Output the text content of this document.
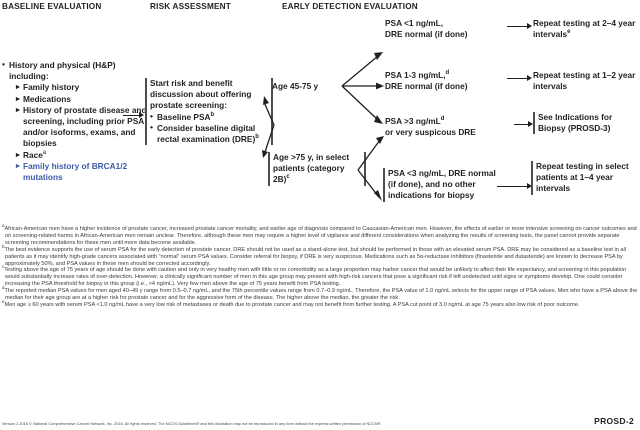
BASELINE EVALUATION	RISK ASSESSMENT	EARLY DETECTION EVALUATION
• History and physical (H&P) including:
▸ Family history
▸ Medications
▸ History of prostate disease and screening, including prior PSA and/or isoforms, exams, and biopsies
▸ Race$^a$
▸ Family history of BRCA1/2 mutations
Start risk and benefit discussion about offering prostate screening:
• Baseline PSA$^b$
• Consider baseline digital rectal examination (DRE)$^b$
Age 45-75 y
Age >75 y, in select patients (category 2B)$^c$
PSA <1 ng/mL,
DRE normal (if done)
PSA 1-3 ng/mL,$^d$
DRE normal (if done)
PSA >3 $ng/mL^d$
or very suspicous DRE
PSA <3 ng/mL, DRE normal (if done), and no other indications for biopsy
Repeat testing at 2–4 year intervals$^e$
Repeat testing at 1–2 year intervals
See Indications for Biopsy (PROSD-3)
Repeat testing in select patients at 1–4 year intervals

$^a$African-American men have a higher incidence of prostate cancer, increased prostate cancer mortality, and earlier age of diagnosis compared to Caucasian-American men. However, the effects of earlier or more intensive screening on cancer outcomes and on screening-related harms in African-American men remain unclear. Therefore, although these men may require a higher level of vigilance and different considerations when analyzing the results of screening tests, the panel cannot provide separate screening recommendations for these men until more data become available.

$^b$The best evidence supports the use of serum PSA for the early detection of prostate cancer. DRE should not be used as a stand-alone test, but should be performed in those with an elevated serum PSA. DRE may be considered as a baseline test in all patients as it may identify high-grade cancers associated with “normal” serum PSA values. Consider referral for biopsy, if DRE is very suspicious. Medications such as 5α-reductase inhibitors (finasteride and dutasteride) are known to decrease PSA by approximately 50%, and PSA values in these men should be corrected accordingly.

$^c$Testing above the age of 75 years of age should be done with caution and only in very healthy men with little or no comorbidity as a large proportion may harbor cancer that would be unlikely to affect their life expectancy, and screening in this population would substantially increase rates of over-detection. However, a clinically significant number of men in this age group may present with high-risk cancers that pose a significant risk if left undetected until signs or symptoms develop. One could consider increasing the PSA threshold for biopsy in this group (i.e., >4 ng/mL). Very few men above the age of 75 years benefit from PSA testing.

$^d$The reported median PSA values for men aged 40–49 y range from 0.5–0.7 ng/mL, and the 75th percentile values range from 0.7–0.9 ng/mL. Therefore, the PSA value of 1.0 ng/mL selects for the upper range of PSA values. Men who have a PSA above the median for their age group are at a higher risk for prostate cancer and for the aggressive form of the disease. The higher above the median, the greater the risk.

$^e$Men age ≥ 60 years with serum PSA <1.0 ng/mL have a very low risk of metastases or death due to prostate cancer and may not benefit from further testing. A PSA cut point of 3.0 ng/mL at age 75 years also low risk of poor outcome.

Version 2.2016 © National Comprehensive Cancer Network, Inc. 2016, All rights reserved. The NCCN Guidelines® and this illustration may not be reproduced in any form without the express written permission of NCCN®.	PROSD-2
